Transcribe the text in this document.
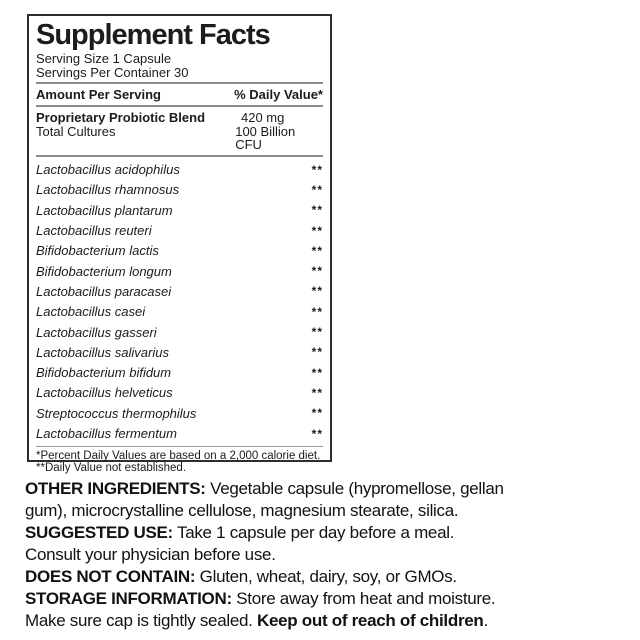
Supplement Facts
Serving Size 1 Capsule
Servings Per Container 30
Amount Per Serving	% Daily Value*
Proprietary Probiotic Blend	420 mg
Total Cultures	100 Billion CFU
Lactobacillus acidophilus	**
Lactobacillus rhamnosus	**
Lactobacillus plantarum	**
Lactobacillus reuteri	**
Bifidobacterium lactis	**
Bifidobacterium longum	**
Lactobacillus paracasei	**
Lactobacillus casei	**
Lactobacillus gasseri	**
Lactobacillus salivarius	**
Bifidobacterium bifidum	**
Lactobacillus helveticus	**
Streptococcus thermophilus	**
Lactobacillus fermentum	**
*Percent Daily Values are based on a 2,000 calorie diet.
**Daily Value not established.
OTHER INGREDIENTS: Vegetable capsule (hypromellose, gellan
gum), microcrystalline cellulose, magnesium stearate, silica.
SUGGESTED USE: Take 1 capsule per day before a meal.
Consult your physician before use.
DOES NOT CONTAIN: Gluten, wheat, dairy, soy, or GMOs.
STORAGE INFORMATION: Store away from heat and moisture.
Make sure cap is tightly sealed. Keep out of reach of children.
